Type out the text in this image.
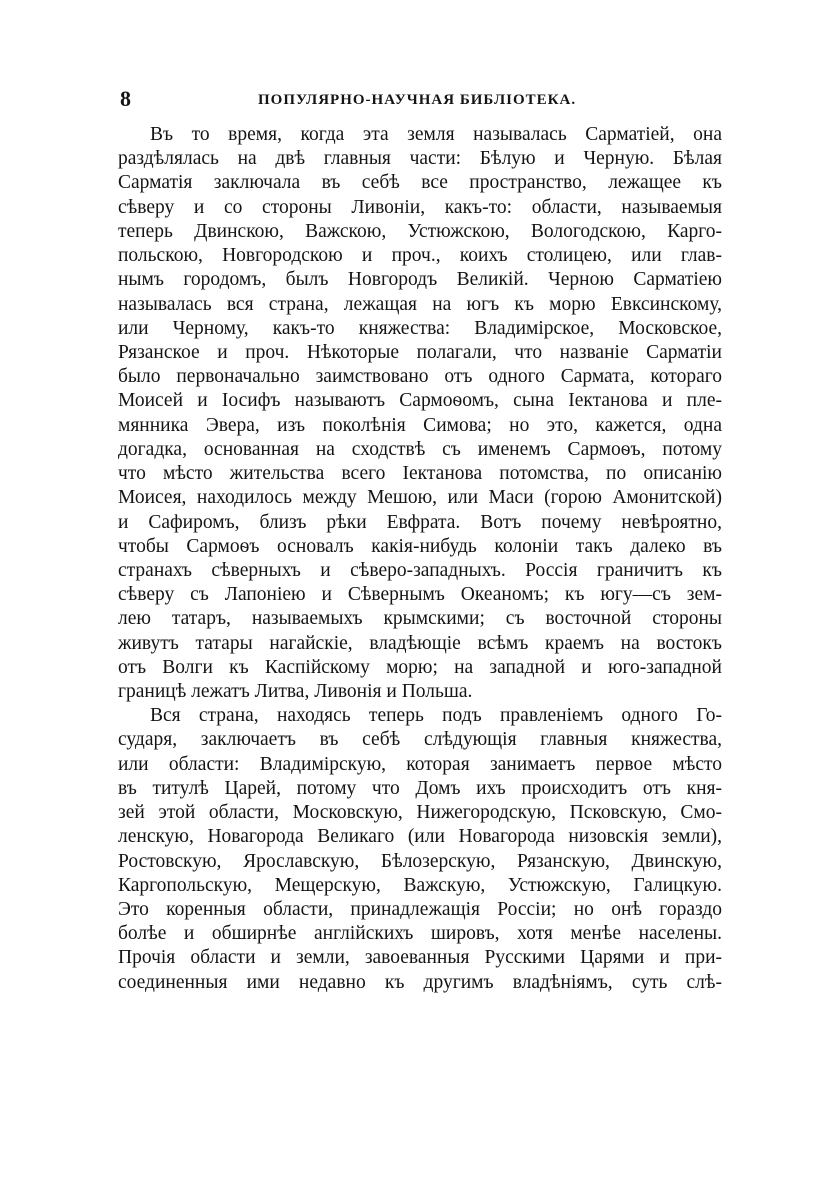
8	ПОПУЛЯРНО-НАУЧНАЯ БИБЛІОТЕКА.
Въ то время, когда эта земля называлась Сарматіей, она
раздѣлялась на двѣ главныя части: Бѣлую и Черную. Бѣлая
Сарматія заключала въ себѣ все пространство, лежащее къ
сѣверу и со стороны Ливоніи, какъ-то: области, называемыя
теперь Двинскою, Важскою, Устюжскою, Вологодскою, Карго-
польскою, Новгородскою и проч., коихъ столицею, или глав-
нымъ городомъ, былъ Новгородъ Великій. Черною Сарматіею
называлась вся страна, лежащая на югъ къ морю Евксинскому,
или Черному, какъ-то княжества: Владимірское, Московское,
Рязанское и проч. Нѣкоторые полагали, что названіе Сарматіи
было первоначально заимствовано отъ одного Сармата, котораго
Моисей и Іосифъ называютъ Сармоѳомъ, сына Іектанова и пле-
мянника Эвера, изъ поколѣнія Симова; но это, кажется, одна
догадка, основанная на сходствѣ съ именемъ Сармоѳъ, потому
что мѣсто жительства всего Іектанова потомства, по описанію
Моисея, находилось между Мешою, или Маси (горою Амонитской)
и Сафиромъ, близъ рѣки Евфрата. Вотъ почему невѣроятно,
чтобы Сармоѳъ основалъ какія-нибудь колоніи такъ далеко въ
странахъ сѣверныхъ и сѣверо-западныхъ. Россія граничитъ къ
сѣверу съ Лапоніею и Сѣвернымъ Океаномъ; къ югу—съ зем-
лею татаръ, называемыхъ крымскими; съ восточной стороны
живутъ татары нагайскіе, владѣющіе всѣмъ краемъ на востокъ
отъ Волги къ Каспійскому морю; на западной и юго-западной
границѣ лежатъ Литва, Ливонія и Польша.
Вся страна, находясь теперь подъ правленіемъ одного Го-
сударя, заключаетъ въ себѣ слѣдующія главныя княжества,
или области: Владимірскую, которая занимаетъ первое мѣсто
въ титулѣ Царей, потому что Домъ ихъ происходитъ отъ кня-
зей этой области, Московскую, Нижегородскую, Псковскую, Смо-
ленскую, Новагорода Великаго (или Новагорода низовскія земли),
Ростовскую, Ярославскую, Бѣлозерскую, Рязанскую, Двинскую,
Каргопольскую, Мещерскую, Важскую, Устюжскую, Галицкую.
Это коренныя области, принадлежащія Россіи; но онѣ гораздо
болѣе и обширнѣе англійскихъ шировъ, хотя менѣе населены.
Прочія области и земли, завоеванныя Русскими Царями и при-
соединенныя ими недавно къ другимъ владѣніямъ, суть слѣ-
